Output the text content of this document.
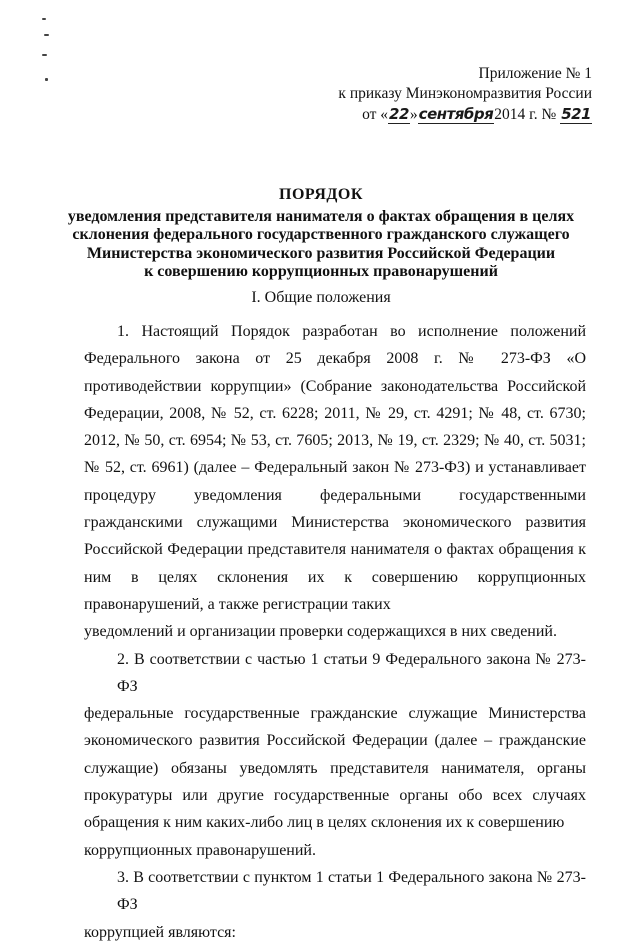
Приложение № 1
к приказу Минэкономразвития России
от «22»сентября2014 г. № 521
ПОРЯДОК
уведомления представителя нанимателя о фактах обращения в целях
склонения федерального государственного гражданского служащего
Министерства экономического развития Российской Федерации
к совершению коррупционных правонарушений
I. Общие положения

1. Настоящий Порядок разработан во исполнение положений
Федерального закона от 25 декабря 2008 г. № 273-ФЗ «О противодействии коррупции» (Собрание законодательства Российской Федерации, 2008, № 52, ст. 6228; 2011, № 29, ст. 4291; № 48, ст. 6730; 2012, № 50, ст. 6954; № 53, ст. 7605; 2013, № 19, ст. 2329; № 40, ст. 5031; № 52, ст. 6961) (далее – Федеральный закон № 273-ФЗ) и устанавливает процедуру уведомления федеральными государственными гражданскими служащими Министерства экономического развития Российской Федерации представителя нанимателя о фактах обращения к ним в целях склонения их к совершению коррупционных правонарушений, а также регистрации таких
уведомлений и организации проверки содержащихся в них сведений.

2. В соответствии с частью 1 статьи 9 Федерального закона № 273-ФЗ
федеральные государственные гражданские служащие Министерства экономического развития Российской Федерации (далее – гражданские служащие) обязаны уведомлять представителя нанимателя, органы прокуратуры или другие государственные органы обо всех случаях обращения к ним каких-либо лиц в целях склонения их к совершению
коррупционных правонарушений.

3. В соответствии с пунктом 1 статьи 1 Федерального закона № 273-ФЗ
коррупцией являются:
